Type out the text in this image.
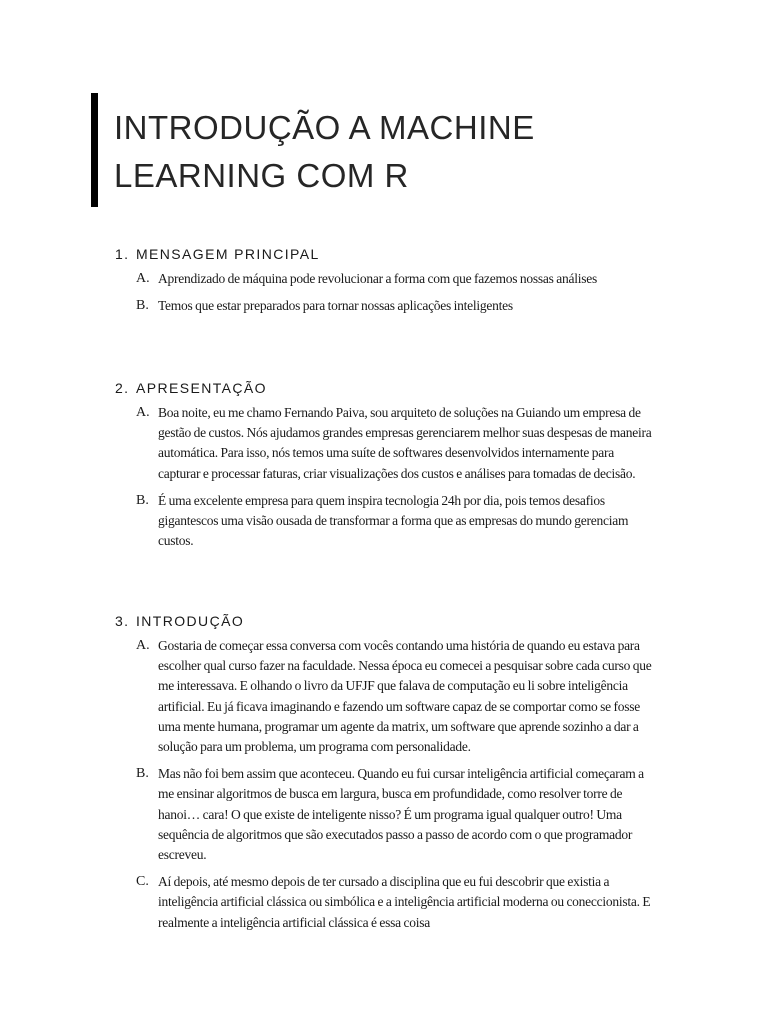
INTRODUÇÃO A MACHINE
LEARNING COM R
1. MENSAGEM PRINCIPAL
A. Aprendizado de máquina pode revolucionar a forma com que fazemos nossas análises
B. Temos que estar preparados para tornar nossas aplicações inteligentes
2. APRESENTAÇÃO
A. Boa noite, eu me chamo Fernando Paiva, sou arquiteto de soluções na Guiando um empresa de gestão de custos. Nós ajudamos grandes empresas gerenciarem melhor suas despesas de maneira automática. Para isso, nós temos uma suíte de softwares desenvolvidos internamente para capturar e processar faturas, criar visualizações dos custos e análises para tomadas de decisão.
B. É uma excelente empresa para quem inspira tecnologia 24h por dia, pois temos desafios gigantescos uma visão ousada de transformar a forma que as empresas do mundo gerenciam custos.
3. INTRODUÇÃO
A. Gostaria de começar essa conversa com vocês contando uma história de quando eu estava para escolher qual curso fazer na faculdade. Nessa época eu comecei a pesquisar sobre cada curso que me interessava. E olhando o livro da UFJF que falava de computação eu li sobre inteligência artificial. Eu já ficava imaginando e fazendo um software capaz de se comportar como se fosse uma mente humana, programar um agente da matrix, um software que aprende sozinho a dar a solução para um problema, um programa com personalidade.
B. Mas não foi bem assim que aconteceu. Quando eu fui cursar inteligência artificial começaram a me ensinar algoritmos de busca em largura, busca em profundidade, como resolver torre de hanoi… cara! O que existe de inteligente nisso? É um programa igual qualquer outro! Uma sequência de algoritmos que são executados passo a passo de acordo com o que programador escreveu.
C. Aí depois, até mesmo depois de ter cursado a disciplina que eu fui descobrir que existia a inteligência artificial clássica ou simbólica e a inteligência artificial moderna ou coneccionista. E realmente a inteligência artificial clássica é essa coisa
